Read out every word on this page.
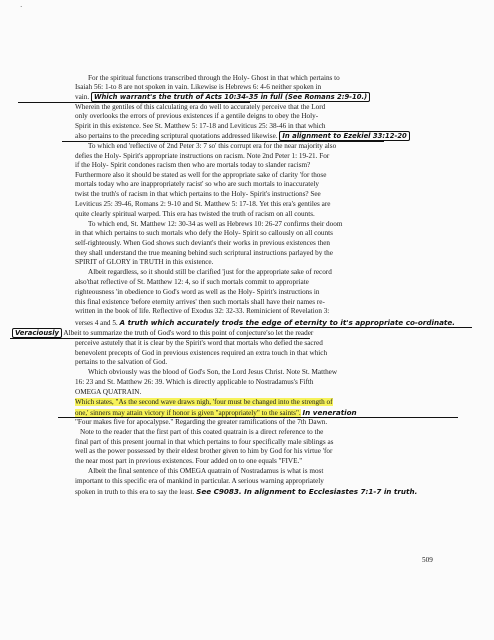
·
For the spiritual functions transcribed through the Holy- Ghost in that which pertains to
Isaiah 56: 1-to 8 are not spoken in vain. Likewise is Hebrews 6: 4-6 neither spoken in
vain. Which warrant's the truth of Acts 10:34-35 in full (See Romans 2:9-10.)
Wherein the gentiles of this calculating era do well to accurately perceive that the Lord
only overlooks the errors of previous existences if a gentile deigns to obey the Holy-
Spirit in this existence. See St. Matthew 5: 17-18 and Leviticus 25: 38-46 in that which
also pertains to the preceding scriptural quotations addressed likewise. In alignment to Ezekiel 33:12-20
To which end 'reflective of 2nd Peter 3: 7 so' this corrupt era for the near majority also
defies the Holy- Spirit's appropriate instructions on racism. Note 2nd Peter 1: 19-21. For
if the Holy- Spirit condones racism then who are mortals today to slander racism?
Furthermore also it should be stated as well for the appropriate sake of clarity 'for those
mortals today who are inappropriately racist' so who are such mortals to inaccurately
twist the truth's of racism in that which pertains to the Holy- Spirit's instructions? See
Leviticus 25: 39-46, Romans 2: 9-10 and St. Matthew 5: 17-18. Yet this era's gentiles are
quite clearly spiritual warped. This era has twisted the truth of racism on all counts.
To which end, St. Matthew 12: 30-34 as well as Hebrews 10: 26-27 confirms their doom
in that which pertains to such mortals who defy the Holy- Spirit so callously on all counts
self-righteously. When God shows such deviant's their works in previous existences then
they shall understand the true meaning behind such scriptural instructions parlayed by the
SPIRIT of GLORY in TRUTH in this existence.
Albeit regardless, so it should still be clarified 'just for the appropriate sake of record
also'that reflective of St. Matthew 12: 4, so if such mortals commit to appropriate
righteousness 'in obedience to God's word as well as the Holy- Spirit's instructions in
this final existence 'before eternity arrives' then such mortals shall have their names re-
written in the book of life. Reflective of Exodus 32: 32-33. Reminicient of Revelation 3:
verses 4 and 5. A truth which accurately trods the edge of eternity to it's appropriate co-ordinate.
Veraciously Albeit to summarize the truth of God's word to this point of conjecture'so let the reader
perceive astutely that it is clear by the Spirit's word that mortals who defied the sacred
benevolent precepts of God in previous existences required an extra touch in that which
pertains to the salvation of God.
Which obviously was the blood of God's Son, the Lord Jesus Christ. Note St. Matthew
16: 23 and St. Matthew 26: 39. Which is directly applicable to Nostradamus's Fifth
OMEGA QUATRAIN.
Which states, "As the second wave draws nigh, 'four must be changed into the strength of
one,' sinners may attain victory if honor is given "appropriately" to the saints". In veneration
"Four makes five for apocalypse." Regarding the greater ramifications of the 7th Dawn.
Note to the reader that the first part of this coated quatrain is a direct reference to the
final part of this present journal in that which pertains to four specifically male siblings as
well as the power possessed by their eldest brother given to him by God for his virtue 'for
the near most part in previous existences. Four added on to one equals "FIVE."
Albeit the final sentence of this OMEGA quatrain of Nostradamus is what is most
important to this specific era of mankind in particular. A serious warning appropriately
spoken in truth to this era to say the least. See C9083. In alignment to Ecclesiastes 7:1-7 in truth.
509
